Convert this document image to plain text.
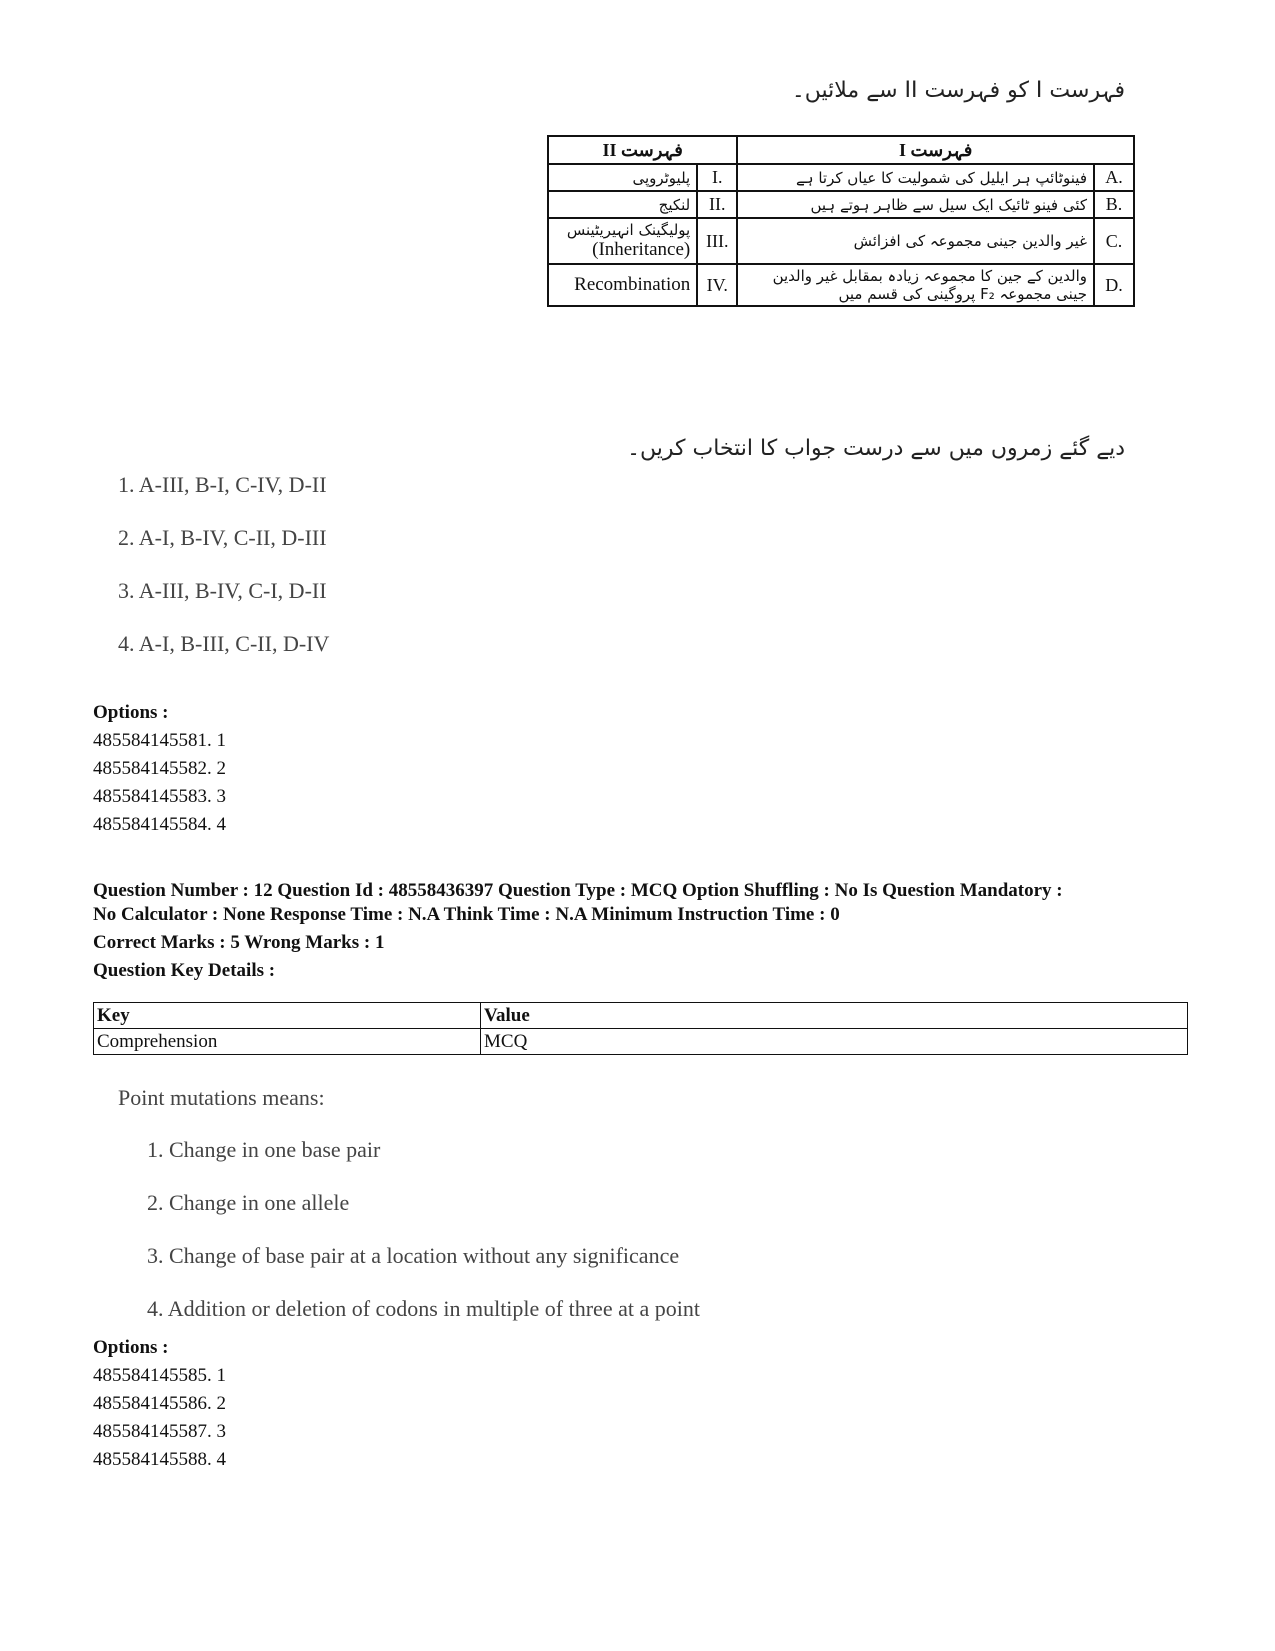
فہرست I کو فہرست II سے ملائیں۔
فہرست I		فہرست II	
A.	فینوٹائپ ہر ایلیل کی شمولیت کا عیاں کرتا ہے	I.	پلیوٹروپی
B.	کئی فینو ٹائیک ایک سیل سے ظاہر ہوتے ہیں	II.	لنکیج
C.	غیر والدین جینی مجموعہ کی افزائش	III.	پولیگینک انہیریٹینس
(Inheritance)

D.	والدین کے جین کا مجموعہ زیادہ بمقابل غیر والدین
جینی مجموعہ F₂ پروگینی کی قسم میں	IV.	Recombination
دیے گئے زمروں میں سے درست جواب کا انتخاب کریں۔
1. A-III, B-I, C-IV, D-II
2. A-I, B-IV, C-II, D-III
3. A-III, B-IV, C-I, D-II
4. A-I, B-III, C-II, D-IV
Options :
485584145581. 1
485584145582. 2
485584145583. 3
485584145584. 4
Question Number : 12 Question Id : 48558436397 Question Type : MCQ Option Shuffling : No Is Question Mandatory :
No Calculator : None Response Time : N.A Think Time : N.A Minimum Instruction Time : 0
Correct Marks : 5 Wrong Marks : 1
Question Key Details :
Key	Value
Comprehension	MCQ
Point mutations means:
1. Change in one base pair
2. Change in one allele
3. Change of base pair at a location without any significance
4. Addition or deletion of codons in multiple of three at a point
Options :
485584145585. 1
485584145586. 2
485584145587. 3
485584145588. 4
